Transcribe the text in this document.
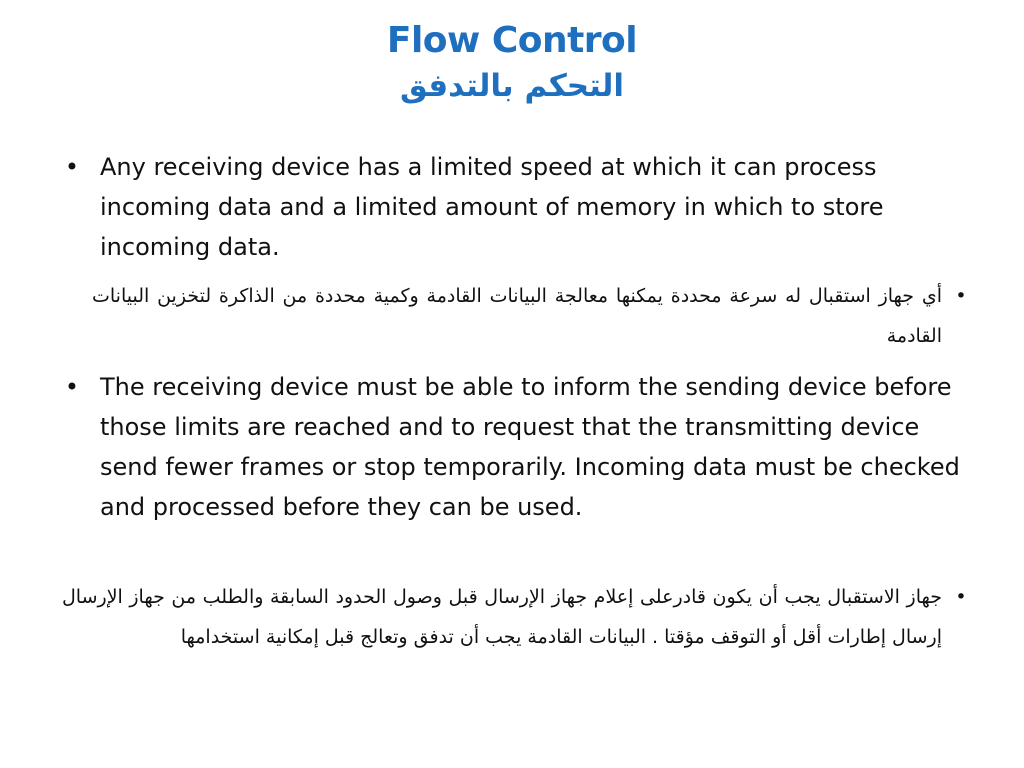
Flow Control
التحكم بالتدفق
• Any receiving device has a limited speed at which it can process incoming data and a limited amount of memory in which to store incoming data.
•
أي جهاز استقبال له سرعة محددة يمكنها معالجة البيانات القادمة وكمية محددة من الذاكرة لتخزين البيانات القادمة
• The receiving device must be able to inform the sending device before those limits are reached and to request that the transmitting device send fewer frames or stop temporarily. Incoming data must be checked and processed before they can be used.
•
جهاز الاستقبال يجب أن يكون قادرعلى إعلام جهاز الإرسال قبل وصول الحدود السابقة والطلب من جهاز الإرسال إرسال إطارات أقل أو التوقف مؤقتا . البيانات القادمة يجب أن تدفق وتعالج قبل إمكانية استخدامها
